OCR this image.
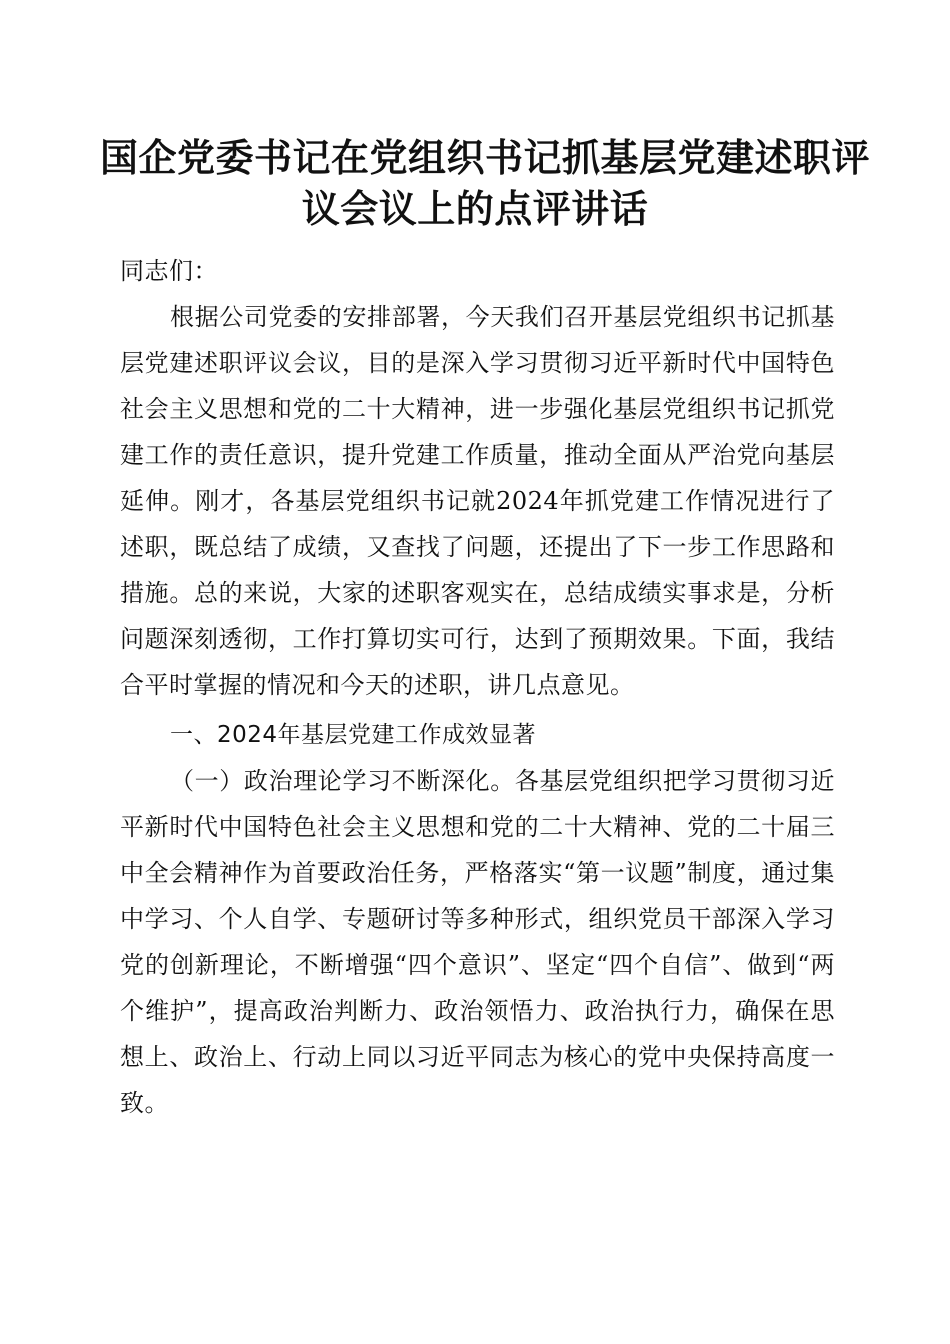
国企党委书记在党组织书记抓基层党建述职评
议会议上的点评讲话

同志们：

根据公司党委的安排部署，今天我们召开基层党组织书记抓基层党建述职评议会议，目的是深入学习贯彻习近平新时代中国特色社会主义思想和党的二十大精神，进一步强化基层党组织书记抓党建工作的责任意识，提升党建工作质量，推动全面从严治党向基层延伸。刚才，各基层党组织书记就2024年抓党建工作情况进行了述职，既总结了成绩，又查找了问题，还提出了下一步工作思路和措施。总的来说，大家的述职客观实在，总结成绩实事求是，分析问题深刻透彻，工作打算切实可行，达到了预期效果。下面，我结合平时掌握的情况和今天的述职，讲几点意见。

一、2024年基层党建工作成效显著

（一）政治理论学习不断深化。各基层党组织把学习贯彻习近平新时代中国特色社会主义思想和党的二十大精神、党的二十届三中全会精神作为首要政治任务，严格落实“第一议题”制度，通过集中学习、个人自学、专题研讨等多种形式，组织党员干部深入学习党的创新理论，不断增强“四个意识”、坚定“四个自信”、做到“两个维护”，提高政治判断力、政治领悟力、政治执行力，确保在思想上、政治上、行动上同以习近平同志为核心的党中央保持高度一致。
